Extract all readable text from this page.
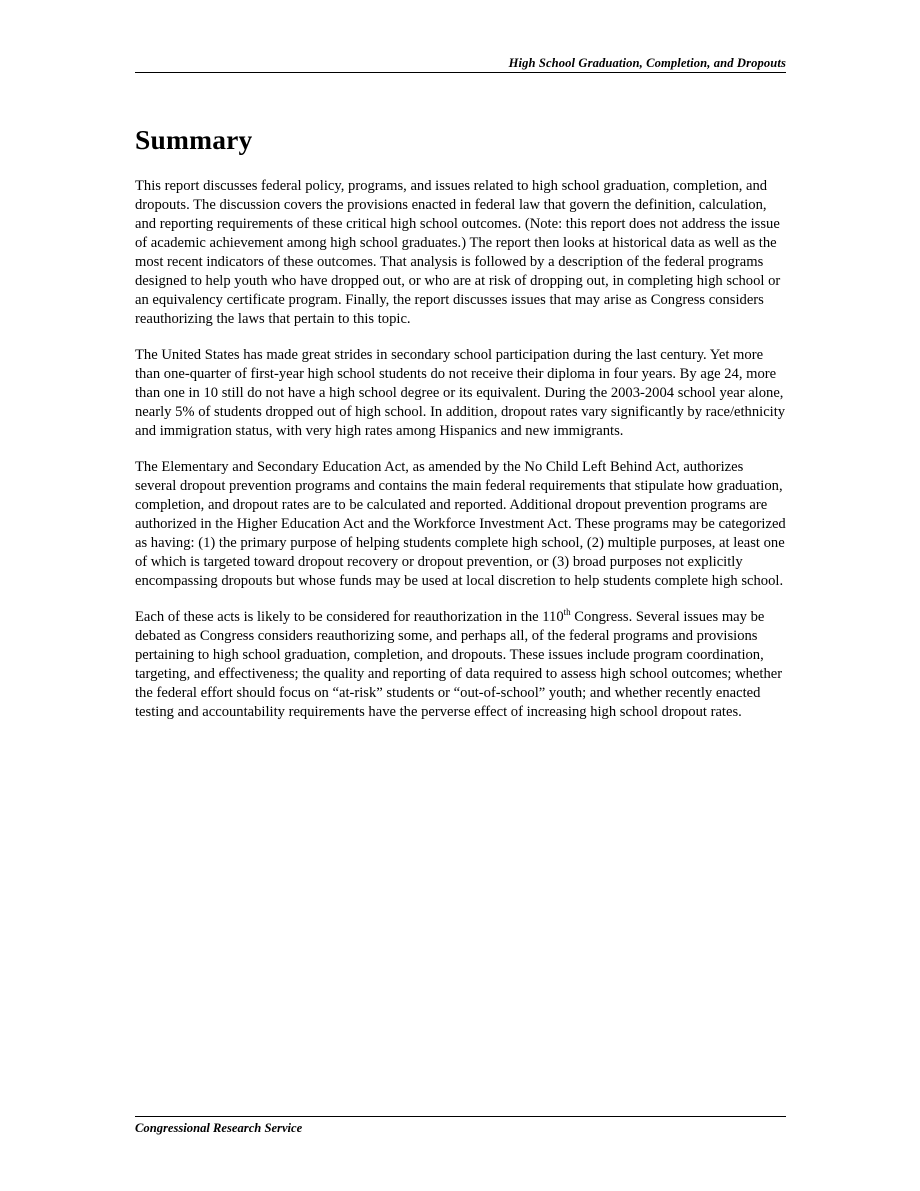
High School Graduation, Completion, and Dropouts
Summary

This report discusses federal policy, programs, and issues related to high school graduation, completion, and dropouts. The discussion covers the provisions enacted in federal law that govern the definition, calculation, and reporting requirements of these critical high school outcomes. (Note: this report does not address the issue of academic achievement among high school graduates.) The report then looks at historical data as well as the most recent indicators of these outcomes. That analysis is followed by a description of the federal programs designed to help youth who have dropped out, or who are at risk of dropping out, in completing high school or an equivalency certificate program. Finally, the report discusses issues that may arise as Congress considers reauthorizing the laws that pertain to this topic.

The United States has made great strides in secondary school participation during the last century. Yet more than one-quarter of first-year high school students do not receive their diploma in four years. By age 24, more than one in 10 still do not have a high school degree or its equivalent. During the 2003-2004 school year alone, nearly 5% of students dropped out of high school. In addition, dropout rates vary significantly by race/ethnicity and immigration status, with very high rates among Hispanics and new immigrants.

The Elementary and Secondary Education Act, as amended by the No Child Left Behind Act, authorizes several dropout prevention programs and contains the main federal requirements that stipulate how graduation, completion, and dropout rates are to be calculated and reported. Additional dropout prevention programs are authorized in the Higher Education Act and the Workforce Investment Act. These programs may be categorized as having: (1) the primary purpose of helping students complete high school, (2) multiple purposes, at least one of which is targeted toward dropout recovery or dropout prevention, or (3) broad purposes not explicitly encompassing dropouts but whose funds may be used at local discretion to help students complete high school.

Each of these acts is likely to be considered for reauthorization in the 110th Congress. Several issues may be debated as Congress considers reauthorizing some, and perhaps all, of the federal programs and provisions pertaining to high school graduation, completion, and dropouts. These issues include program coordination, targeting, and effectiveness; the quality and reporting of data required to assess high school outcomes; whether the federal effort should focus on “at-risk” students or “out-of-school” youth; and whether recently enacted testing and accountability requirements have the perverse effect of increasing high school dropout rates.

Congressional Research Service
